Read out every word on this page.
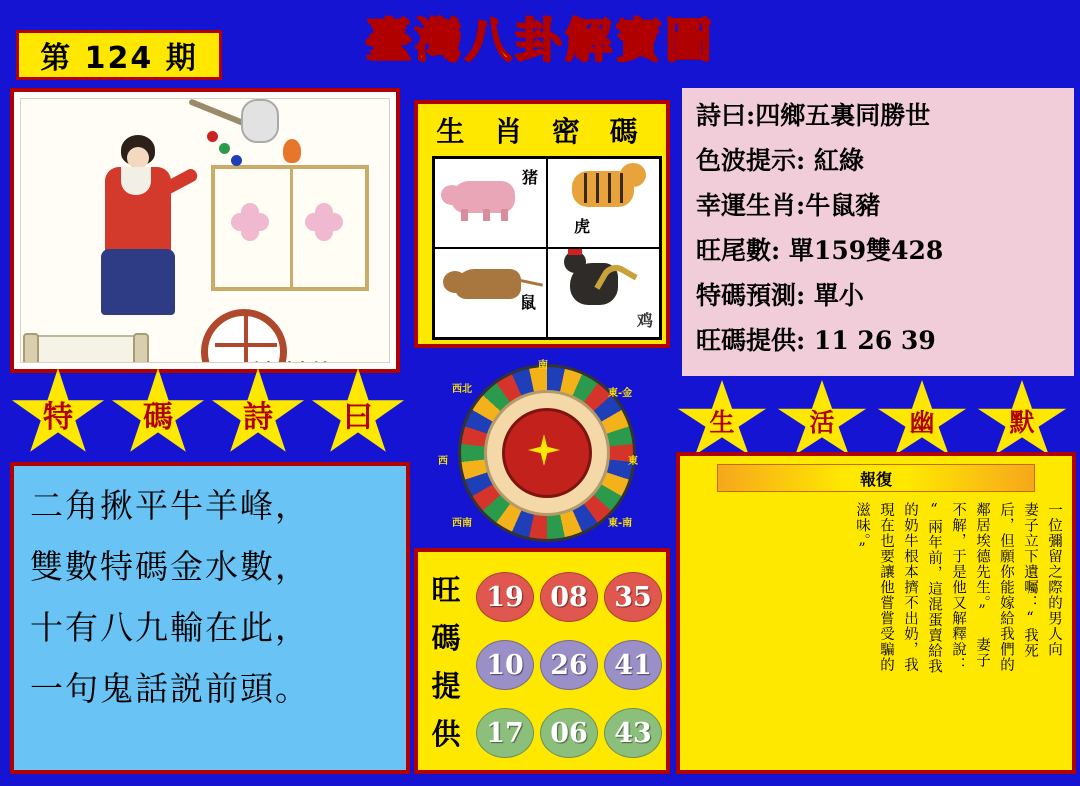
第 124 期	臺灣八卦解寶圖
生 肖 密 碼
猪
虎
鼠
鸡

詩曰:四鄉五裏同勝世

色波提示: 紅綠

幸運生肖:牛鼠豬

旺尾數: 單159雙428

特碼預測: 單小

旺碼提供: 11 26 39

特 碼 詩 曰

二角揪平牛羊峰，

雙數特碼金水數，

十有八九輸在此，

一句鬼話説前頭。

南
西北	東-金
西	東
西南	東-南
旺碼提供
19 08 35
10 26 41
17 06 43
生	活	幽	默
報復
一位彌留之際的男人向
妻子立下遺囑：“我死
后，但願你能嫁給我們的
鄰居埃德先生。” 妻子
不解，于是他又解釋說：
“兩年前，這混蛋賣給我
的奶牛根本擠不出奶，我
現在也要讓他嘗嘗受騙的
滋味。”
